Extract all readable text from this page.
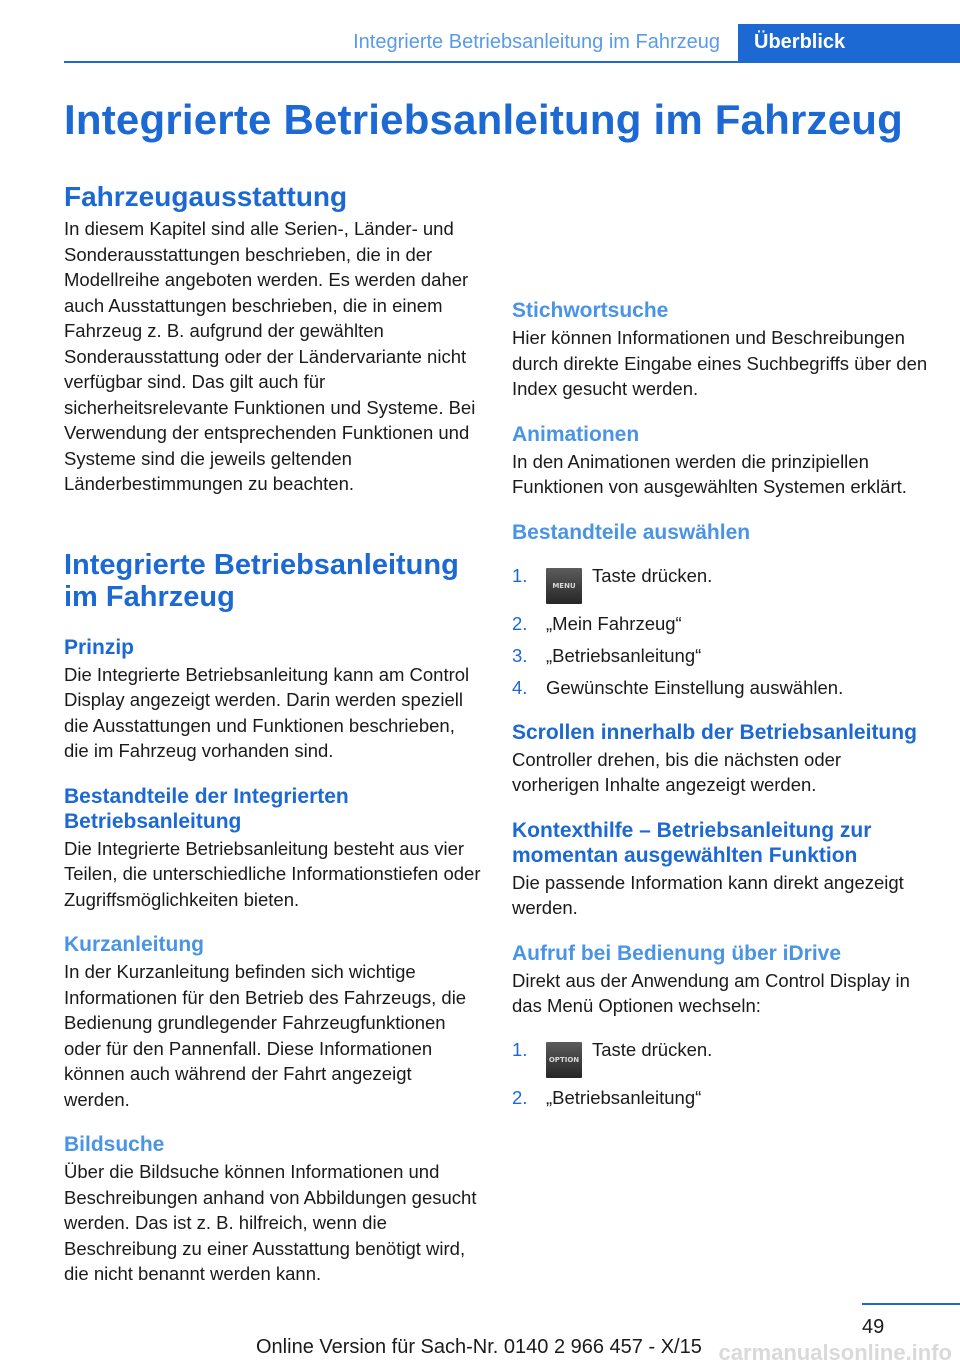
Integrierte Betriebsanleitung im Fahrzeug	Überblick
Integrierte Betriebsanleitung im Fahrzeug
Fahrzeugausstattung

In diesem Kapitel sind alle Serien-, Länder- und Sonderausstattungen beschrieben, die in der Modellreihe angeboten werden. Es werden daher auch Ausstattungen beschrieben, die in einem Fahrzeug z. B. aufgrund der gewählten Sonderausstattung oder der Ländervariante nicht verfügbar sind. Das gilt auch für sicherheitsrelevante Funktionen und Systeme. Bei Verwendung der entsprechenden Funktionen und Systeme sind die jeweils geltenden Länderbestimmungen zu beachten.

Integrierte Betriebsanleitung im Fahrzeug
Prinzip

Die Integrierte Betriebsanleitung kann am Control Display angezeigt werden. Darin werden speziell die Ausstattungen und Funktionen beschrieben, die im Fahrzeug vorhanden sind.

Bestandteile der Integrierten Betriebsanleitung

Die Integrierte Betriebsanleitung besteht aus vier Teilen, die unterschiedliche Informationstiefen oder Zugriffsmöglichkeiten bieten.

Kurzanleitung

In der Kurzanleitung befinden sich wichtige Informationen für den Betrieb des Fahrzeugs, die Bedienung grundlegender Fahrzeugfunktionen oder für den Pannenfall. Diese Informationen können auch während der Fahrt angezeigt werden.

Bildsuche

Über die Bildsuche können Informationen und Beschreibungen anhand von Abbildungen gesucht werden. Das ist z. B. hilfreich, wenn die Beschreibung zu einer Ausstattung benötigt wird, die nicht benannt werden kann.

Stichwortsuche

Hier können Informationen und Beschreibungen durch direkte Eingabe eines Suchbegriffs über den Index gesucht werden.

Animationen

In den Animationen werden die prinzipiellen Funktionen von ausgewählten Systemen erklärt.

Bestandteile auswählen
1.	MENU Taste drücken.
2. „Mein Fahrzeug“
3. „Betriebsanleitung“
4. Gewünschte Einstellung auswählen.
Scrollen innerhalb der Betriebsanleitung

Controller drehen, bis die nächsten oder vorherigen Inhalte angezeigt werden.

Kontexthilfe – Betriebsanleitung zur momentan ausgewählten Funktion

Die passende Information kann direkt angezeigt werden.

Aufruf bei Bedienung über iDrive

Direkt aus der Anwendung am Control Display in das Menü Optionen wechseln:

1.	OPTION Taste drücken.
2. „Betriebsanleitung“
49
Online Version für Sach-Nr. 0140 2 966 457 - X/15 carmanualsonline.info
